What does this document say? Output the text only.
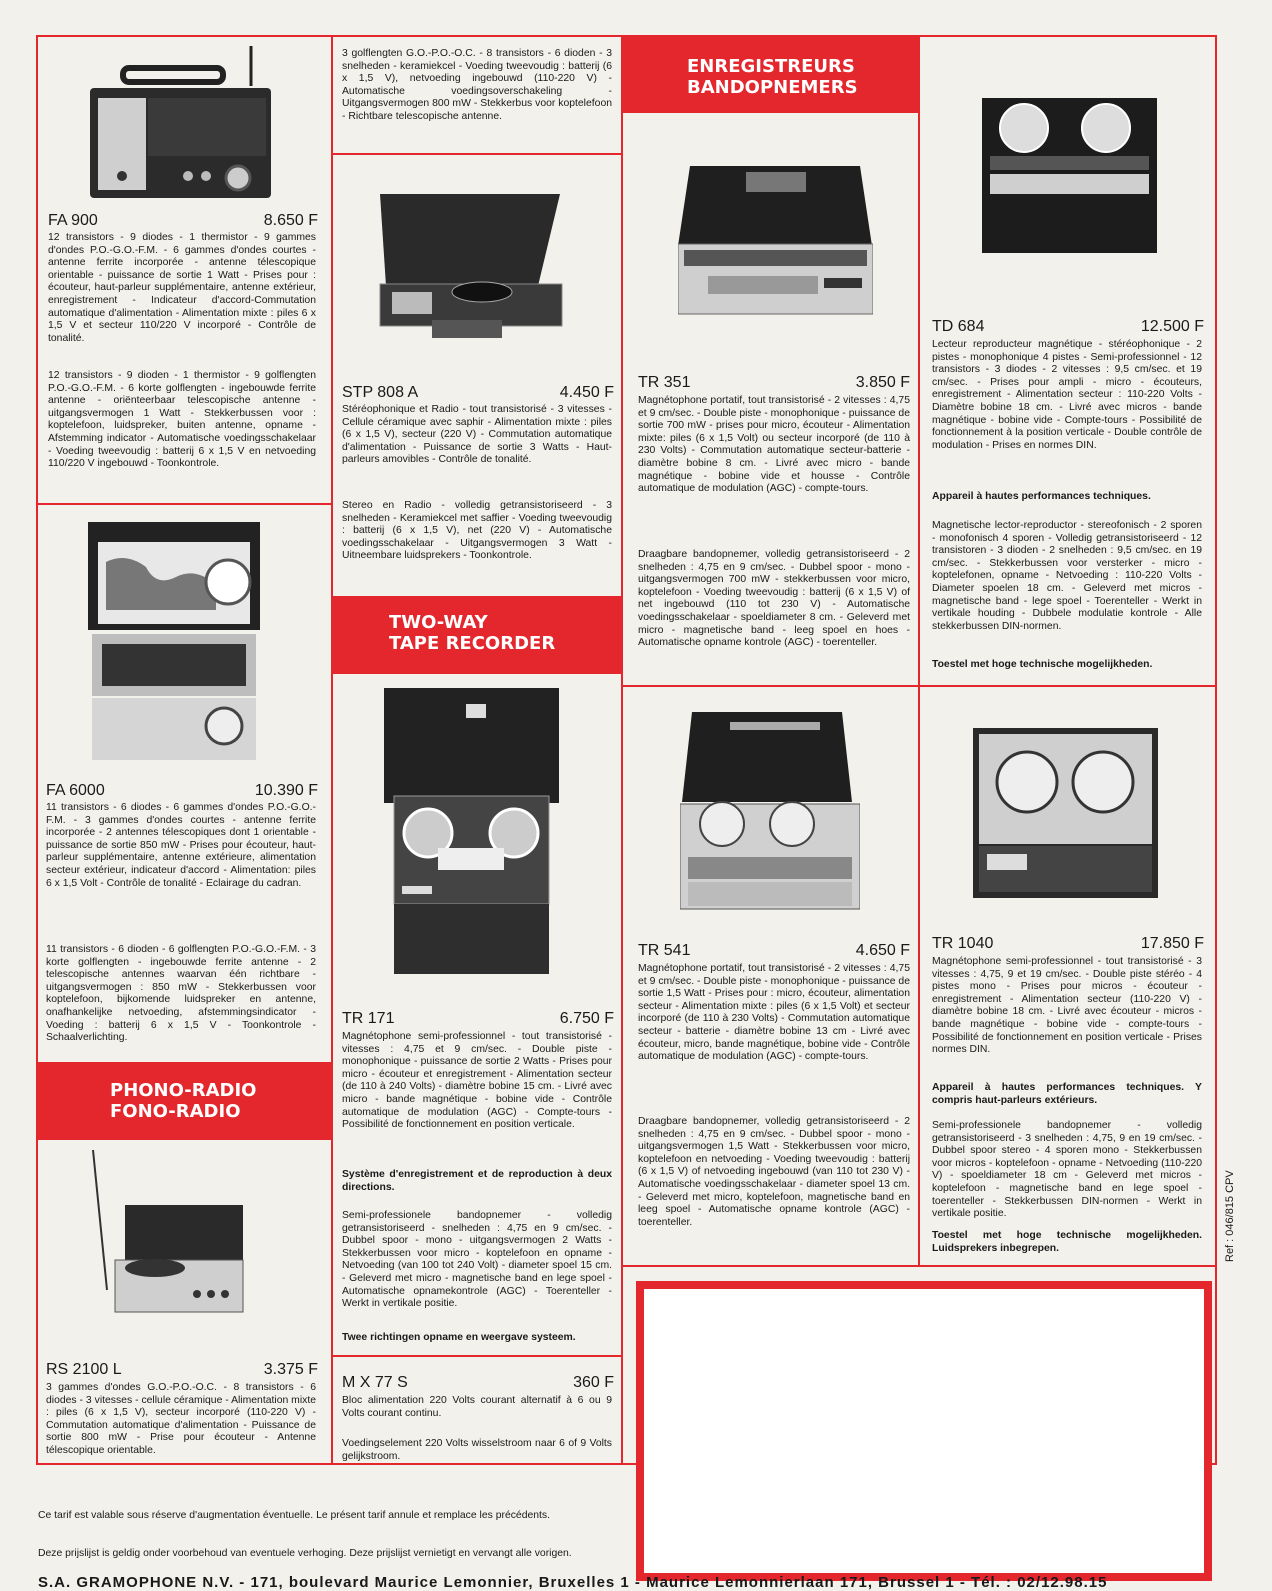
ENREGISTREURS
BANDOPNEMERS
TWO-WAY
TAPE RECORDER
PHONO-RADIO
FONO-RADIO
FA 900	8.650 F
12 transistors - 9 diodes - 1 thermistor - 9 gammes d'ondes P.O.-G.O.-F.M. - 6 gammes d'ondes courtes - antenne ferrite incorporée - antenne télescopique orientable - puissance de sortie 1 Watt - Prises pour : écouteur, haut-parleur supplémentaire, antenne extérieur, enregistrement - Indicateur d'accord-Commutation automatique d'alimentation - Alimentation mixte : piles 6 x 1,5 V et secteur 110/220 V incorporé - Contrôle de tonalité.
12 transistors - 9 dioden - 1 thermistor - 9 golflengten P.O.-G.O.-F.M. - 6 korte golflengten - ingebouwde ferrite antenne - oriënteerbaar telescopische antenne - uitgangsvermogen 1 Watt - Stekkerbussen voor : koptelefoon, luidspreker, buiten antenne, opname - Afstemming indicator - Automatische voedingsschakelaar - Voeding tweevoudig : batterij 6 x 1,5 V en netvoeding 110/220 V ingebouwd - Toonkontrole.
FA 6000	10.390 F
11 transistors - 6 diodes - 6 gammes d'ondes P.O.-G.O.-F.M. - 3 gammes d'ondes courtes - antenne ferrite incorporée - 2 antennes télescopiques dont 1 orientable - puissance de sortie 850 mW - Prises pour écouteur, haut-parleur supplémentaire, antenne extérieure, alimentation secteur extérieur, indicateur d'accord - Alimentation: piles 6 x 1,5 Volt - Contrôle de tonalité - Eclairage du cadran.
11 transistors - 6 dioden - 6 golflengten P.O.-G.O.-F.M. - 3 korte golflengten - ingebouwde ferrite antenne - 2 telescopische antennes waarvan één richtbare - uitgangsvermogen : 850 mW - Stekkerbussen voor koptelefoon, bijkomende luidspreker en antenne, onafhankelijke netvoeding, afstemmingsindicator - Voeding : batterij 6 x 1,5 V - Toonkontrole - Schaalverlichting.
RS 2100 L	3.375 F
3 gammes d'ondes G.O.-P.O.-O.C. - 8 transistors - 6 diodes - 3 vitesses - cellule céramique - Alimentation mixte : piles (6 x 1,5 V), secteur incorporé (110-220 V) - Commutation automatique d'alimentation - Puissance de sortie 800 mW - Prise pour écouteur - Antenne télescopique orientable.
3 golflengten G.O.-P.O.-O.C. - 8 transistors - 6 dioden - 3 snelheden - keramiekcel - Voeding tweevoudig : batterij (6 x 1,5 V), netvoeding ingebouwd (110-220 V) - Automatische voedingsoverschakeling - Uitgangsvermogen 800 mW - Stekkerbus voor koptelefoon - Richtbare telescopische antenne.
STP 808 A	4.450 F
Stéréophonique et Radio - tout transistorisé - 3 vitesses - Cellule céramique avec saphir - Alimentation mixte : piles (6 x 1,5 V), secteur (220 V) - Commutation automatique d'alimentation - Puissance de sortie 3 Watts - Haut-parleurs amovibles - Contrôle de tonalité.
Stereo en Radio - volledig getransistoriseerd - 3 snelheden - Keramiekcel met saffier - Voeding tweevoudig : batterij (6 x 1,5 V), net (220 V) - Automatische voedingsschakelaar - Uitgangsvermogen 3 Watt - Uitneembare luidsprekers - Toonkontrole.
TR 171	6.750 F
Magnétophone semi-professionnel - tout transistorisé - vitesses : 4,75 et 9 cm/sec. - Double piste - monophonique - puissance de sortie 2 Watts - Prises pour micro - écouteur et enregistrement - Alimentation secteur (de 110 à 240 Volts) - diamètre bobine 15 cm. - Livré avec micro - bande magnétique - bobine vide - Contrôle automatique de modulation (AGC) - Compte-tours - Possibilité de fonctionnement en position verticale.
Système d'enregistrement et de reproduction à deux directions.
Semi-professionele bandopnemer - volledig getransistoriseerd - snelheden : 4,75 en 9 cm/sec. - Dubbel spoor - mono - uitgangsvermogen 2 Watts - Stekkerbussen voor micro - koptelefoon en opname - Netvoeding (van 100 tot 240 Volt) - diameter spoel 15 cm. - Geleverd met micro - magnetische band en lege spoel - Automatische opnamekontrole (AGC) - Toerenteller - Werkt in vertikale positie.
Twee richtingen opname en weergave systeem.
M X 77 S	360 F
Bloc alimentation 220 Volts courant alternatif à 6 ou 9 Volts courant continu.
Voedingselement 220 Volts wisselstroom naar 6 of 9 Volts gelijkstroom.
TR 351	3.850 F
Magnétophone portatif, tout transistorisé - 2 vitesses : 4,75 et 9 cm/sec. - Double piste - monophonique - puissance de sortie 700 mW - prises pour micro, écouteur - Alimentation mixte: piles (6 x 1,5 Volt) ou secteur incorporé (de 110 à 230 Volts) - Commutation automatique secteur-batterie - diamètre bobine 8 cm. - Livré avec micro - bande magnétique - bobine vide et housse - Contrôle automatique de modulation (AGC) - compte-tours.
Draagbare bandopnemer, volledig getransistoriseerd - 2 snelheden : 4,75 en 9 cm/sec. - Dubbel spoor - mono - uitgangsvermogen 700 mW - stekkerbussen voor micro, koptelefoon - Voeding tweevoudig : batterij (6 x 1,5 V) of net ingebouwd (110 tot 230 V) - Automatische voedingsschakelaar - spoeldiameter 8 cm. - Geleverd met micro - magnetische band - leeg spoel en hoes - Automatische opname kontrole (AGC) - toerenteller.
TR 541	4.650 F
Magnétophone portatif, tout transistorisé - 2 vitesses : 4,75 et 9 cm/sec. - Double piste - monophonique - puissance de sortie 1,5 Watt - Prises pour : micro, écouteur, alimentation secteur - Alimentation mixte : piles (6 x 1,5 Volt) et secteur incorporé (de 110 à 230 Volts) - Commutation automatique secteur - batterie - diamètre bobine 13 cm - Livré avec écouteur, micro, bande magnétique, bobine vide - Contrôle automatique de modulation (AGC) - compte-tours.
Draagbare bandopnemer, volledig getransistoriseerd - 2 snelheden : 4,75 en 9 cm/sec. - Dubbel spoor - mono - uitgangsvermogen 1,5 Watt - Stekkerbussen voor micro, koptelefoon en netvoeding - Voeding tweevoudig : batterij (6 x 1,5 V) of netvoeding ingebouwd (van 110 tot 230 V) - Automatische voedingsschakelaar - diameter spoel 13 cm. - Geleverd met micro, koptelefoon, magnetische band en leeg spoel - Automatische opname kontrole (AGC) - toerenteller.
TD 684	12.500 F
Lecteur reproducteur magnétique - stéréophonique - 2 pistes - monophonique 4 pistes - Semi-professionnel - 12 transistors - 3 diodes - 2 vitesses : 9,5 cm/sec. et 19 cm/sec. - Prises pour ampli - micro - écouteurs, enregistrement - Alimentation secteur : 110-220 Volts - Diamètre bobine 18 cm. - Livré avec micros - bande magnétique - bobine vide - Compte-tours - Possibilité de fonctionnement à la position verticale - Double contrôle de modulation - Prises en normes DIN.
Appareil à hautes performances techniques.
Magnetische lector-reproductor - stereofonisch - 2 sporen - monofonisch 4 sporen - Volledig getransistoriseerd - 12 transistoren - 3 dioden - 2 snelheden : 9,5 cm/sec. en 19 cm/sec. - Stekkerbussen voor versterker - micro - koptelefonen, opname - Netvoeding : 110-220 Volts - Diameter spoelen 18 cm. - Geleverd met micros - magnetische band - lege spoel - Toerenteller - Werkt in vertikale houding - Dubbele modulatie kontrole - Alle stekkerbussen DIN-normen.
Toestel met hoge technische mogelijkheden.
TR 1040	17.850 F
Magnétophone semi-professionnel - tout transistorisé - 3 vitesses : 4,75, 9 et 19 cm/sec. - Double piste stéréo - 4 pistes mono - Prises pour micros - écouteur - enregistrement - Alimentation secteur (110-220 V) - diamètre bobine 18 cm. - Livré avec écouteur - micros - bande magnétique - bobine vide - compte-tours - Possibilité de fonctionnement en position verticale - Prises normes DIN.
Appareil à hautes performances techniques. Y compris haut-parleurs extérieurs.
Semi-professionele bandopnemer - volledig getransistoriseerd - 3 snelheden : 4,75, 9 en 19 cm/sec. - Dubbel spoor stereo - 4 sporen mono - Stekkerbussen voor micros - koptelefoon - opname - Netvoeding (110-220 V) - spoeldiameter 18 cm - Geleverd met micros - koptelefoon - magnetische band en lege spoel - toerenteller - Stekkerbussen DIN-normen - Werkt in vertikale positie.
Toestel met hoge technische mogelijkheden. Luidsprekers inbegrepen.	Ref : 046/815 CPV
Ce tarif est valable sous réserve d'augmentation éventuelle. Le présent tarif annule et remplace les précédents.
Deze prijslijst is geldig onder voorbehoud van eventuele verhoging. Deze prijslijst vernietigt en vervangt alle vorigen.
S.A. GRAMOPHONE N.V. - 171, boulevard Maurice Lemonnier, Bruxelles 1 - Maurice Lemonnierlaan 171, Brussel 1 - Tél. : 02/12.98.15
